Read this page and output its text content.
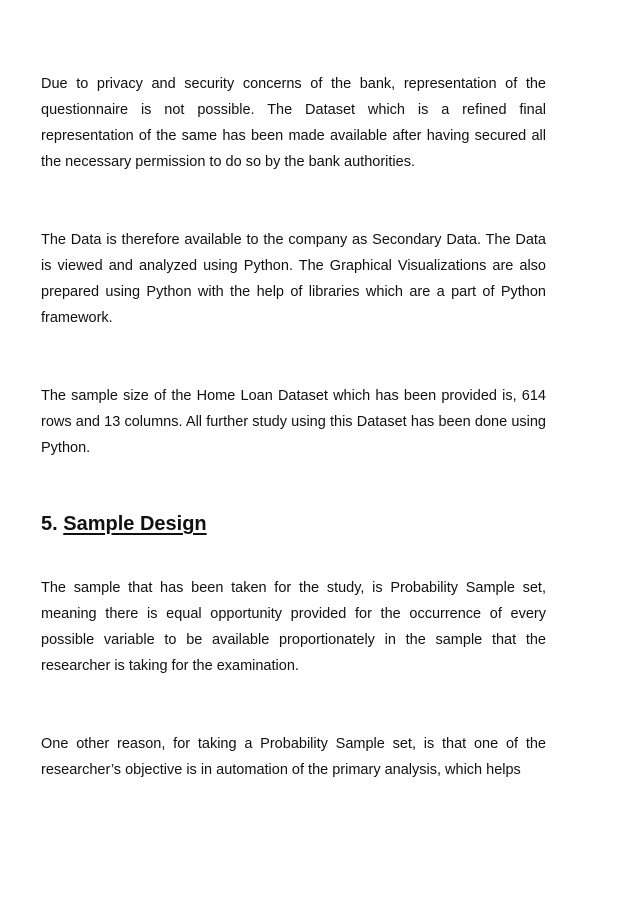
Due to privacy and security concerns of the bank, representation of the questionnaire is not possible. The Dataset which is a refined final representation of the same has been made available after having secured all the necessary permission to do so by the bank authorities.

The Data is therefore available to the company as Secondary Data. The Data is viewed and analyzed using Python. The Graphical Visualizations are also prepared using Python with the help of libraries which are a part of Python framework.

The sample size of the Home Loan Dataset which has been provided is, 614 rows and 13 columns. All further study using this Dataset has been done using Python.

5. Sample Design

The sample that has been taken for the study, is Probability Sample set, meaning there is equal opportunity provided for the occurrence of every possible variable to be available proportionately in the sample that the researcher is taking for the examination.

One other reason, for taking a Probability Sample set, is that one of the researcher’s objective is in automation of the primary analysis, which helps
